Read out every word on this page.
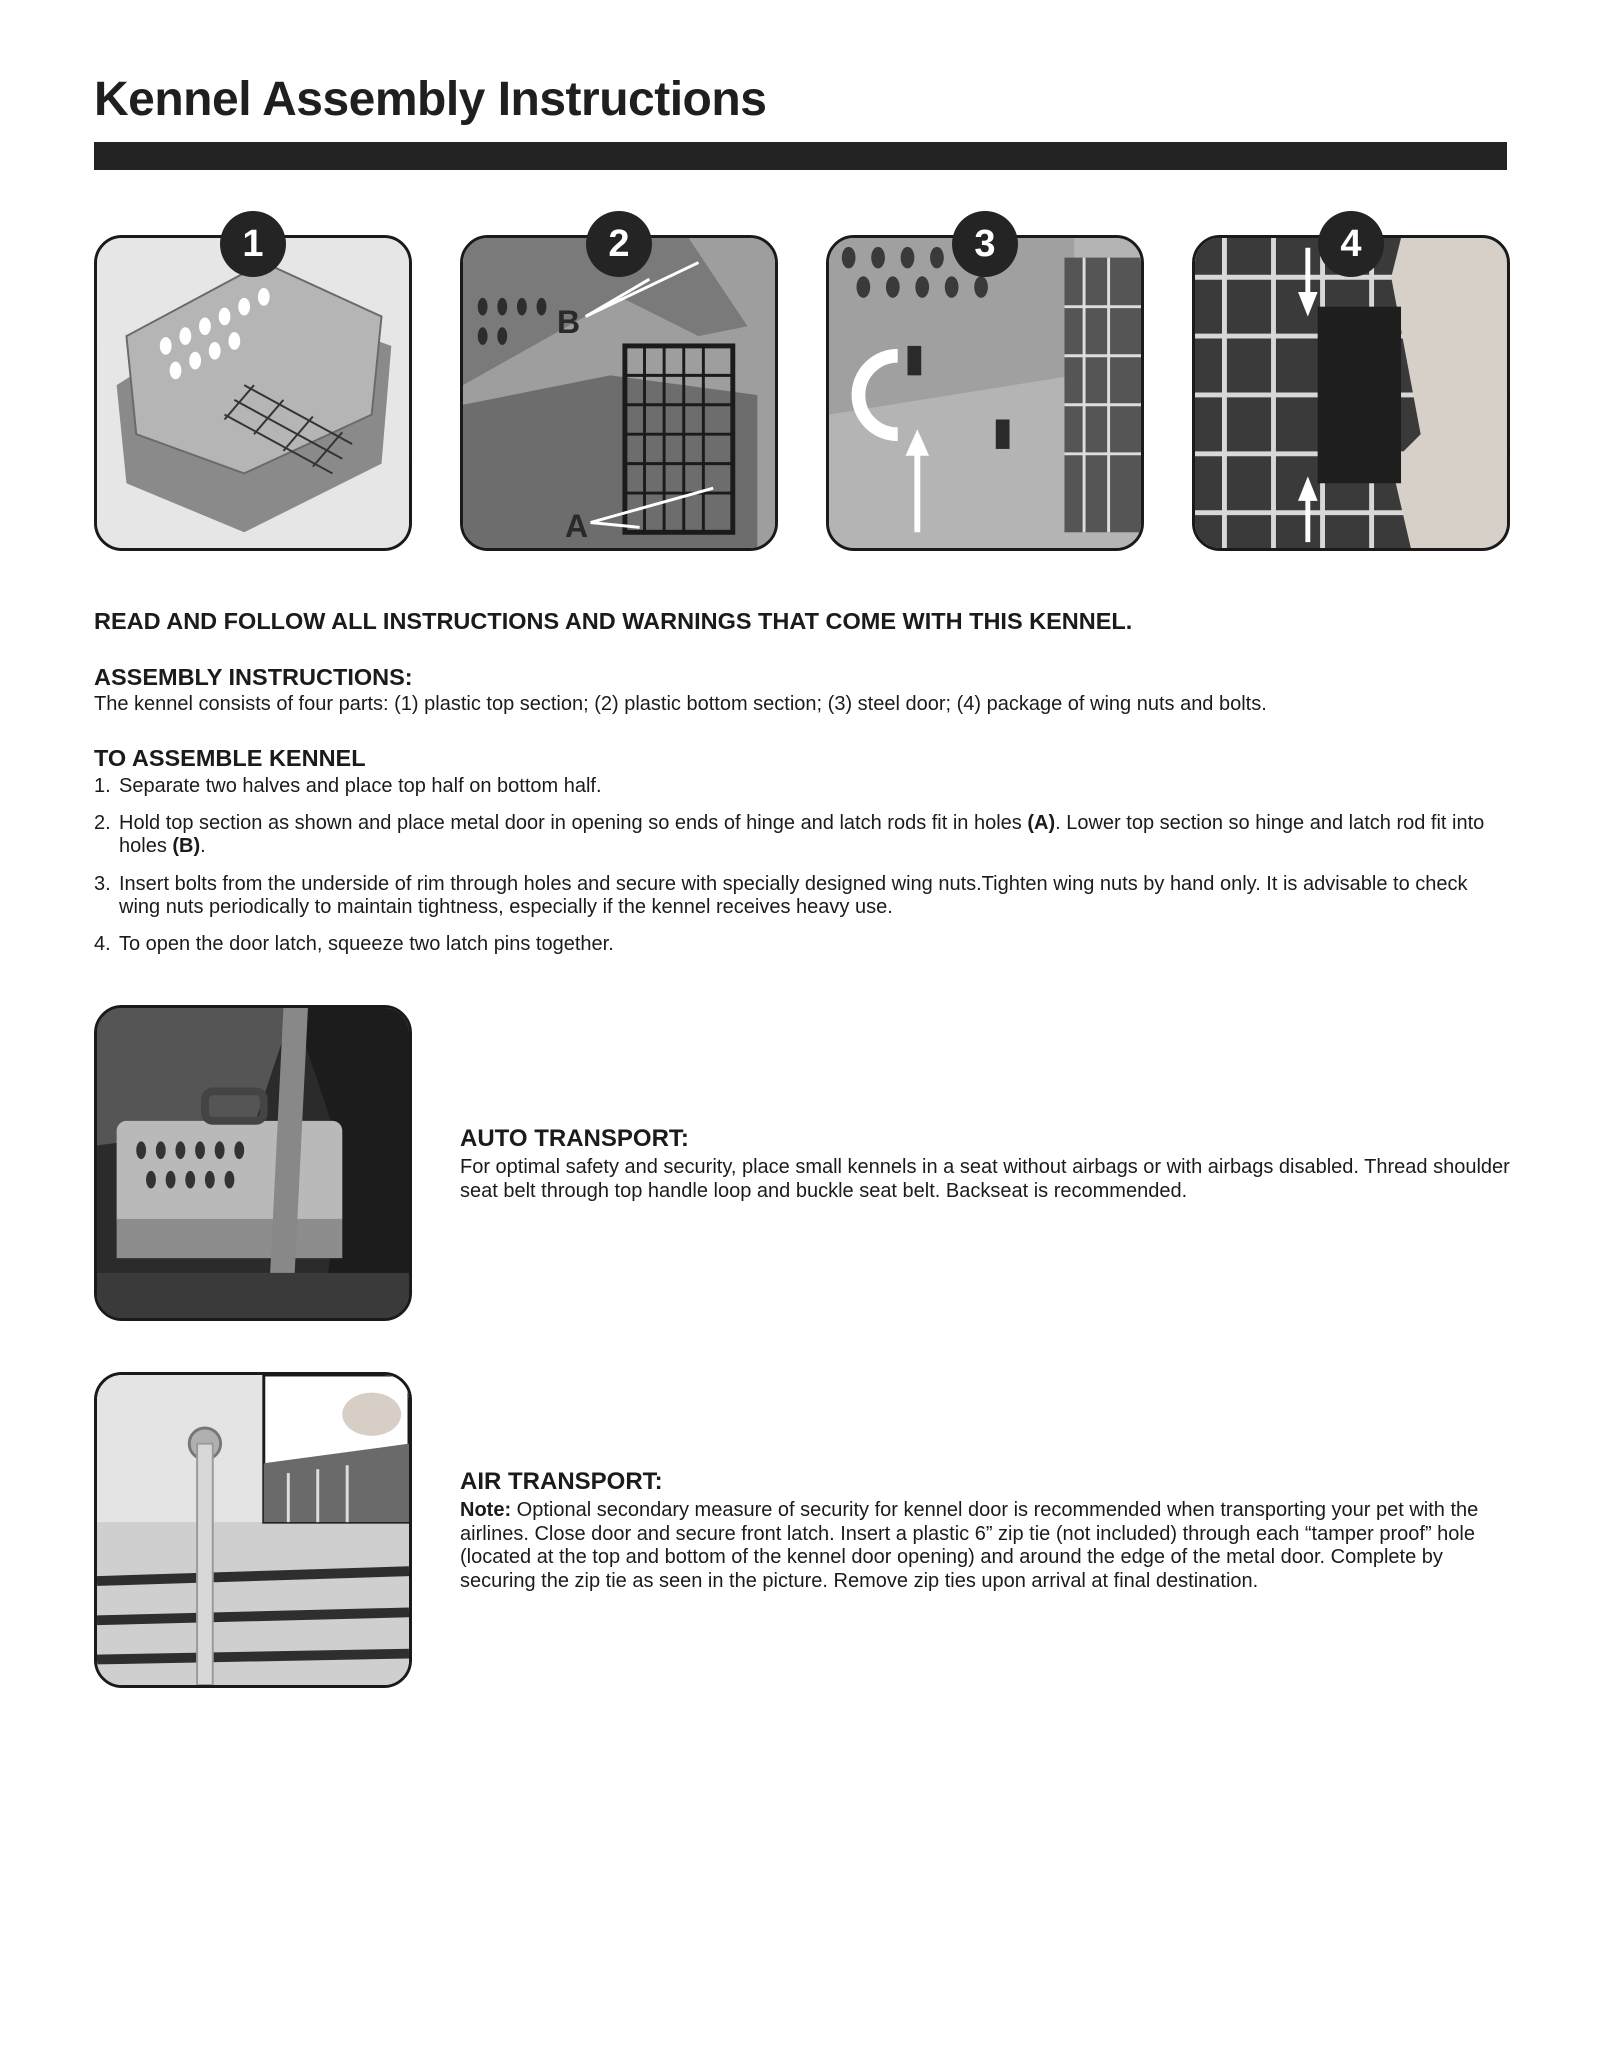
Kennel Assembly Instructions
1	2
B
A
3	4
READ AND FOLLOW ALL INSTRUCTIONS AND WARNINGS THAT COME WITH THIS KENNEL.
ASSEMBLY INSTRUCTIONS:
The kennel consists of four parts: (1) plastic top section; (2) plastic bottom section; (3) steel door; (4) package of wing nuts and bolts.
TO ASSEMBLE KENNEL
1. Separate two halves and place top half on bottom half.
2. Hold top section as shown and place metal door in opening so ends of hinge and latch rods fit in holes (A). Lower top section so hinge and latch rod fit into holes (B).
3. Insert bolts from the underside of rim through holes and secure with specially designed wing nuts.Tighten wing nuts by hand only. It is advisable to check wing nuts periodically to maintain tightness, especially if the kennel receives heavy use.
4. To open the door latch, squeeze two latch pins together.
AUTO TRANSPORT:
For optimal safety and security, place small kennels in a seat without airbags or with airbags disabled. Thread shoulder seat belt through top handle loop and buckle seat belt. Backseat is recommended.
AIR TRANSPORT:
Note: Optional secondary measure of security for kennel door is recommended when transporting your pet with the airlines. Close door and secure front latch. Insert a plastic 6” zip tie (not included) through each “tamper proof” hole (located at the top and bottom of the kennel door opening) and around the edge of the metal door. Complete by securing the zip tie as seen in the picture. Remove zip ties upon arrival at final destination.
